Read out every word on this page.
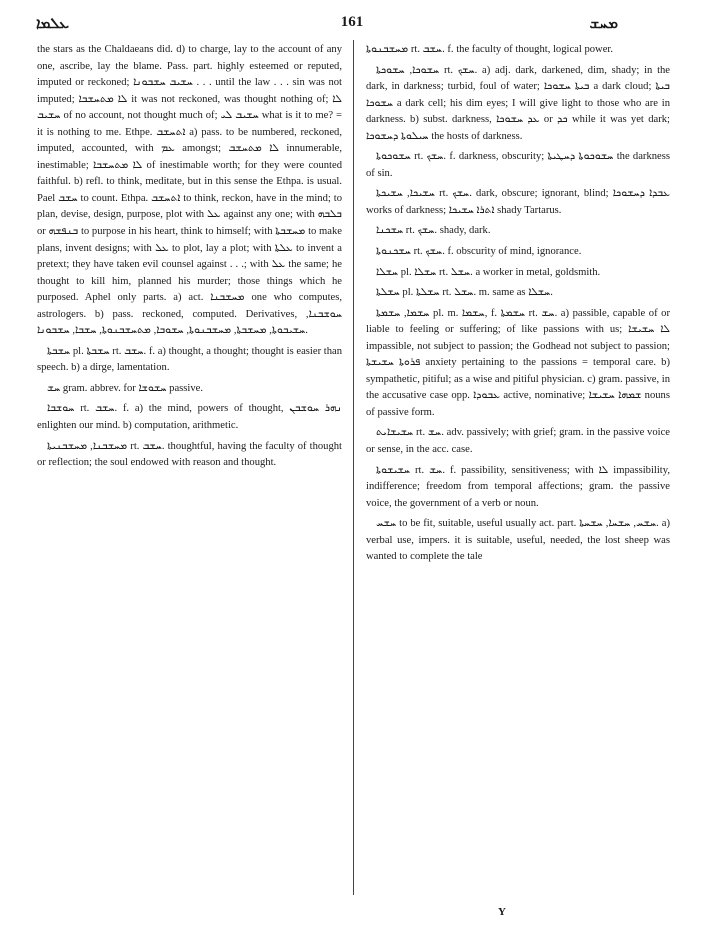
ܥܠܡܐ	161	ܡܚܫ

the stars as the Chaldaeans did. d) to charge, lay to the account of any one, ascribe, lay the blame. Pass. part. highly esteemed or reputed, imputed or reckoned; ܚܫܝܒ ܚܫܒܘܢܐ . . . until the law . . . sin was not imputed; ܠܐ ܡܬܚܫܒܐ it was not reckoned, was thought nothing of; ܠܐ ܚܫܝܒ of no account, not thought much of; ܚܫܝܒ ܠܝ what is it to me? = it is nothing to me. Ethpe. ܐܬܚܫܒ a) pass. to be numbered, reckoned, imputed, accounted, with ܥܡ amongst; ܠܐ ܡܬܚܫܒ innumerable, inestimable; ܠܐ ܡܬܚܫܒܐ of inestimable worth; for they were counted faithful. b) refl. to think, meditate, but in this sense the Ethpa. is usual. Pael ܚܫܒ to count. Ethpa. ܐܬܚܫܒ to think, reckon, have in the mind; to plan, devise, design, purpose, plot with ܥܠ against any one; with ܒܠܒܗ or ܒܢܦܫܗ to purpose in his heart, think to himself; with ܡܚܫܒܬܐ to make plans, invent designs; with ܥܠ to plot, lay a plot; with ܥܠܬܐ to invent a pretext; they have taken evil counsel against . . .; with ܥܠ the same; he thought to kill him, planned his murder; those things which he purposed. Aphel only parts. a) act. ܡܚܫܒܢܐ one who computes, astrologers. b) pass. reckoned, computed. Derivatives, ܚܘܫܒܢܐ, ܚܫܝܒܘܬܐ, ܡܚܫܒܬܐ, ܡܚܫܒܢܘܬܐ, ܚܫܘܒܐ, ܡܬܚܫܒܢܘܬܐ, ܚܫܒܐ, ܚܫܒܘܢܐ.

ܚܫܒܬܐ pl. ܚܫܒܬܐ rt. ܚܫܒ. f. a) thought, a thought; thought is easier than speech. b) a dirge, lamentation.

ܚܫ gram. abbrev. for ܚܫܘܫܐ passive.

ܚܘܫܒܐ rt. ܚܫܒ. f. a) the mind, powers of thought, ܢܗܪ ܚܘܫܒܢ enlighten our mind. b) computation, arithmetic.

ܡܚܫܒܢܐ, ܡܚܫܒܢܝܬܐ rt. ܚܫܒ. thoughtful, having the faculty of thought or reflection; the soul endowed with reason and thought.

ܡܚܫܒܢܘܬܐ rt. ܚܫܒ. f. the faculty of thought, logical power.

ܚܫܘܟܐ, ܚܫܘܟܬܐ rt. ܚܫܟ. a) adj. dark, darkened, dim, shady; in the dark, in darkness; turbid, foul of water; ܒܝܬܐ ܚܫܘܟܐ a dark cloud; ܒܝܬܐ ܚܫܘܟܐ a dark cell; his dim eyes; I will give light to those who are in darkness. b) subst. darkness, ܥܕ ܚܫܘܟܐ or ܟܕ while it was yet dark; ܚܝܠܘܬܐ ܕܚܫܘܟܐ the hosts of darkness.

ܚܫܘܟܘܬܐ rt. ܚܫܟ. f. darkness, obscurity; ܚܫܘܟܘܬܐ ܕܚܛܝܬܐ the darkness of sin.

ܚܫܝܟܐ, ܚܫܝܟܬܐ rt. ܚܫܟ. dark, obscure; ignorant, blind; ܥܒܕܐ ܕܚܫܘܟܐ works of darkness; ܐܬܪܐ ܚܫܝܟܐ shady Tartarus.

ܚܫܟܢܐ rt. ܚܫܟ. shady, dark.

ܚܫܟܢܘܬܐ rt. ܚܫܟ. f. obscurity of mind, ignorance.

ܚܫܠܐ pl. ܚܫܠܐ rt. ܚܫܠ. a worker in metal, goldsmith.

ܚܫܠܬܐ pl. ܚܫܠܬܐ rt. ܚܫܠ. m. same as ܚܫܠܐ.

ܚܫܡܐ, ܚܫܡܬܐ pl. m. ܚܫܡܐ, f. ܚܫܡܬܐ rt. ܚܫ. a) passible, capable of or liable to feeling or suffering; of like passions with us; ܠܐ ܚܫܝܫܐ impassible, not subject to passion; the Godhead not subject to passion; ܦܪܘܬܐ ܚܫܝܫܬܐ anxiety pertaining to the passions = temporal care. b) sympathetic, pitiful; as a wise and pitiful physician. c) gram. passive, in the accusative case opp. ܥܒܘܕܐ active, nominative; ܫܡܗܐ ܚܫܝܫܐ nouns of passive form.

ܚܫܝܫܐܝܬ rt. ܚܫ. adv. passively; with grief; gram. in the passive voice or sense, in the acc. case.

ܚܫܝܫܘܬܐ rt. ܚܫ. f. passibility, sensitiveness; with ܠܐ impassibility, indifference; freedom from temporal affections; gram. the passive voice, the government of a verb or noun.

ܚܫܚ to be fit, suitable, useful usually act. part. ܚܫܚ, ܚܫܚܐ, ܚܫܚܬܐ. a) verbal use, impers. it is suitable, useful, needed, the lost sheep was wanted to complete the tale

Y
